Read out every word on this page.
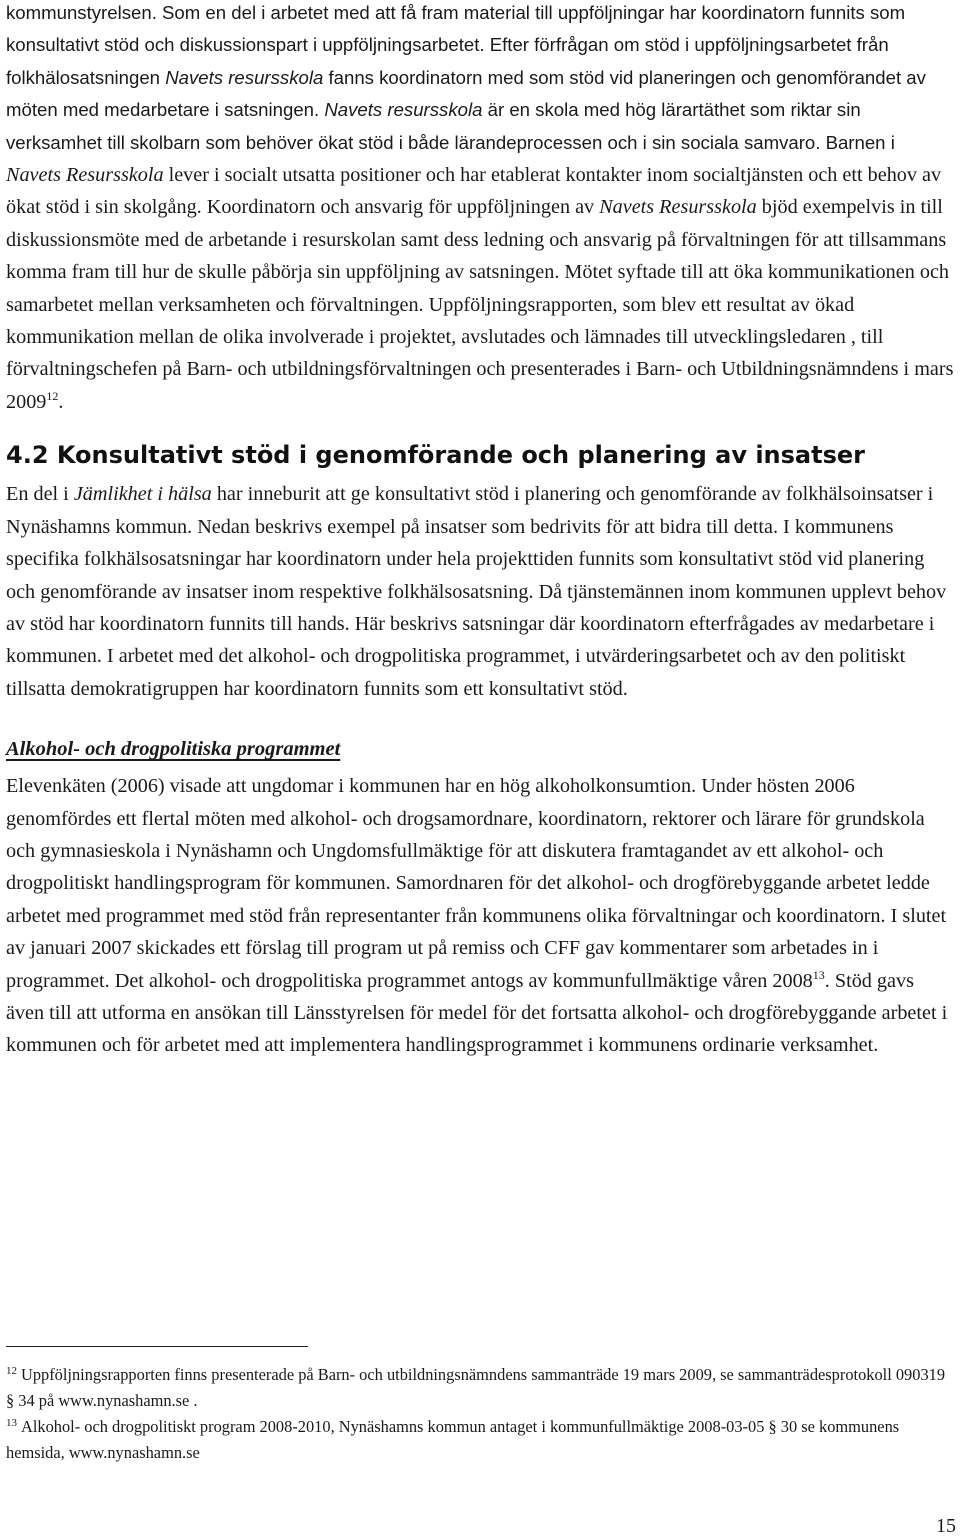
kommunstyrelsen. Som en del i arbetet med att få fram material till uppföljningar har koordinatorn funnits som konsultativt stöd och diskussionspart i uppföljningsarbetet. Efter förfrågan om stöd i uppföljningsarbetet från folkhälosatsningen Navets resursskola fanns koordinatorn med som stöd vid planeringen och genomförandet av möten med medarbetare i satsningen. Navets resursskola är en skola med hög lärartäthet som riktar sin verksamhet till skolbarn som behöver ökat stöd i både lärandeprocessen och i sin sociala samvaro. Barnen i Navets Resursskola lever i socialt utsatta positioner och har etablerat kontakter inom socialtjänsten och ett behov av ökat stöd i sin skolgång. Koordinatorn och ansvarig för uppföljningen av Navets Resursskola bjöd exempelvis in till diskussionsmöte med de arbetande i resurskolan samt dess ledning och ansvarig på förvaltningen för att tillsammans komma fram till hur de skulle påbörja sin uppföljning av satsningen. Mötet syftade till att öka kommunikationen och samarbetet mellan verksamheten och förvaltningen. Uppföljningsrapporten, som blev ett resultat av ökad kommunikation mellan de olika involverade i projektet, avslutades och lämnades till utvecklingsledaren , till förvaltningschefen på Barn- och utbildningsförvaltningen och presenterades i Barn- och Utbildningsnämndens i mars 2009$^{12}$.

4.2 Konsultativt stöd i genomförande och planering av insatser

En del i Jämlikhet i hälsa har inneburit att ge konsultativt stöd i planering och genomförande av folkhälsoinsatser i Nynäshamns kommun. Nedan beskrivs exempel på insatser som bedrivits för att bidra till detta. I kommunens specifika folkhälsosatsningar har koordinatorn under hela projekttiden funnits som konsultativt stöd vid planering och genomförande av insatser inom respektive folkhälsosatsning. Då tjänstemännen inom kommunen upplevt behov av stöd har koordinatorn funnits till hands. Här beskrivs satsningar där koordinatorn efterfrågades av medarbetare i kommunen. I arbetet med det alkohol- och drogpolitiska programmet, i utvärderingsarbetet och av den politiskt tillsatta demokratigruppen har koordinatorn funnits som ett konsultativt stöd.

Alkohol- och drogpolitiska programmet

Elevenkäten (2006) visade att ungdomar i kommunen har en hög alkoholkonsumtion. Under hösten 2006 genomfördes ett flertal möten med alkohol- och drogsamordnare, koordinatorn, rektorer och lärare för grundskola och gymnasieskola i Nynäshamn och Ungdomsfullmäktige för att diskutera framtagandet av ett alkohol- och drogpolitiskt handlingsprogram för kommunen. Samordnaren för det alkohol- och drogförebyggande arbetet ledde arbetet med programmet med stöd från representanter från kommunens olika förvaltningar och koordinatorn. I slutet av januari 2007 skickades ett förslag till program ut på remiss och CFF gav kommentarer som arbetades in i programmet. Det alkohol- och drogpolitiska programmet antogs av kommunfullmäktige våren 2008$^{13}$. Stöd gavs även till att utforma en ansökan till Länsstyrelsen för medel för det fortsatta alkohol- och drogförebyggande arbetet i kommunen och för arbetet med att implementera handlingsprogrammet i kommunens ordinarie verksamhet.

$^{12}$ Uppföljningsrapporten finns presenterade på Barn- och utbildningsnämndens sammanträde 19 mars 2009, se sammanträdesprotokoll 090319 § 34 på www.nynashamn.se .

$^{13}$ Alkohol- och drogpolitiskt program 2008-2010, Nynäshamns kommun antaget i kommunfullmäktige 2008-03-05 § 30 se kommunens hemsida, www.nynashamn.se

15
